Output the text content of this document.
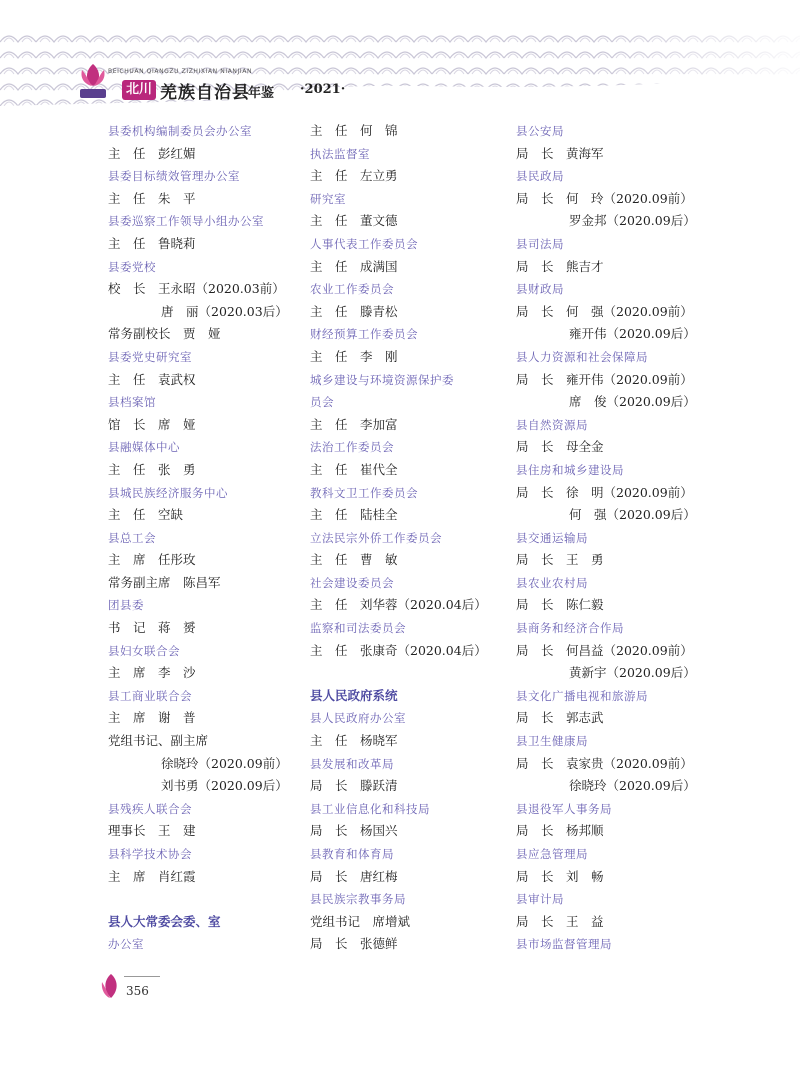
BEICHUAN QIANGZU ZIZHIXIAN NIANJIAN
北川 羌族自治县
年鉴 ·2021·
县委机构编制委员会办公室
主　任　彭红媚
县委目标绩效管理办公室
主　任　朱　平
县委巡察工作领导小组办公室
主　任　鲁晓莉
县委党校
校　长　王永昭（2020.03前）
唐　丽（2020.03后）
常务副校长　贾　娅
县委党史研究室
主　任　袁武权
县档案馆
馆　长　席　娅
县融媒体中心
主　任　张　勇
县城民族经济服务中心
主　任　空缺
县总工会
主　席　任彤玫
常务副主席　陈昌军
团县委
书　记　蒋　赟
县妇女联合会
主　席　李　沙
县工商业联合会
主　席　谢　普
党组书记、副主席
徐晓玲（2020.09前）
刘书勇（2020.09后）
县残疾人联合会
理事长　王　建
县科学技术协会
主　席　肖红霞
县人大常委会委、室
办公室
主　任　何　锦
执法监督室
主　任　左立勇
研究室
主　任　董文德
人事代表工作委员会
主　任　成满国
农业工作委员会
主　任　滕青松
财经预算工作委员会
主　任　李　刚
城乡建设与环境资源保护委
员会
主　任　李加富
法治工作委员会
主　任　崔代全
教科文卫工作委员会
主　任　陆桂全
立法民宗外侨工作委员会
主　任　曹　敏
社会建设委员会
主　任　刘华蓉（2020.04后）
监察和司法委员会
主　任　张康奇（2020.04后）
县人民政府系统
县人民政府办公室
主　任　杨晓军
县发展和改革局
局　长　滕跃清
县工业信息化和科技局
局　长　杨国兴
县教育和体育局
局　长　唐红梅
县民族宗教事务局
党组书记　席增斌
局　长　张德鲜
县公安局
局　长　黄海军
县民政局
局　长　何　玲（2020.09前）
罗金邦（2020.09后）
县司法局
局　长　熊吉才
县财政局
局　长　何　强（2020.09前）
雍开伟（2020.09后）
县人力资源和社会保障局
局　长　雍开伟（2020.09前）
席　俊（2020.09后）
县自然资源局
局　长　母全金
县住房和城乡建设局
局　长　徐　明（2020.09前）
何　强（2020.09后）
县交通运输局
局　长　王　勇
县农业农村局
局　长　陈仁毅
县商务和经济合作局
局　长　何昌益（2020.09前）
黄新宇（2020.09后）
县文化广播电视和旅游局
局　长　郭志武
县卫生健康局
局　长　袁家贵（2020.09前）
徐晓玲（2020.09后）
县退役军人事务局
局　长　杨邦顺
县应急管理局
局　长　刘　畅
县审计局
局　长　王　益
县市场监督管理局
356
